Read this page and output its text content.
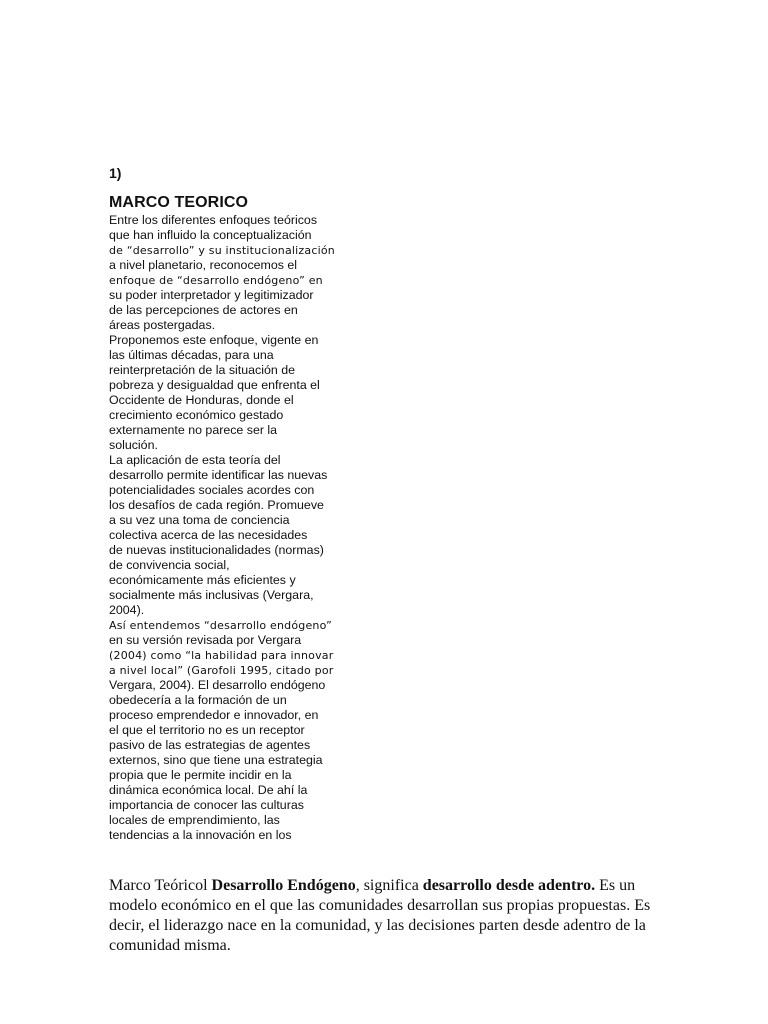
1)
MARCO TEORICO
Entre los diferentes enfoques teóricos
que han influido la conceptualización
de “desarrollo” y su institucionalización
a nivel planetario, reconocemos el
enfoque de “desarrollo endógeno” en
su poder interpretador y legitimizador
de las percepciones de actores en
áreas postergadas.
Proponemos este enfoque, vigente en
las últimas décadas, para una
reinterpretación de la situación de
pobreza y desigualdad que enfrenta el
Occidente de Honduras, donde el
crecimiento económico gestado
externamente no parece ser la
solución.
La aplicación de esta teoría del
desarrollo permite identificar las nuevas
potencialidades sociales acordes con
los desafíos de cada región. Promueve
a su vez una toma de conciencia
colectiva acerca de las necesidades
de nuevas institucionalidades (normas)
de convivencia social,
económicamente más eficientes y
socialmente más inclusivas (Vergara,
2004).
Así entendemos “desarrollo endógeno”
en su versión revisada por Vergara
(2004) como “la habilidad para innovar
a nivel local” (Garofoli 1995, citado por
Vergara, 2004). El desarrollo endógeno
obedecería a la formación de un
proceso emprendedor e innovador, en
el que el territorio no es un receptor
pasivo de las estrategias de agentes
externos, sino que tiene una estrategia
propia que le permite incidir en la
dinámica económica local. De ahí la
importancia de conocer las culturas
locales de emprendimiento, las
tendencias a la innovación en los
Marco Teóricol Desarrollo Endógeno, significa desarrollo desde adentro. Es un
modelo económico en el que las comunidades desarrollan sus propias propuestas. Es
decir, el liderazgo nace en la comunidad, y las decisiones parten desde adentro de la
comunidad misma.
